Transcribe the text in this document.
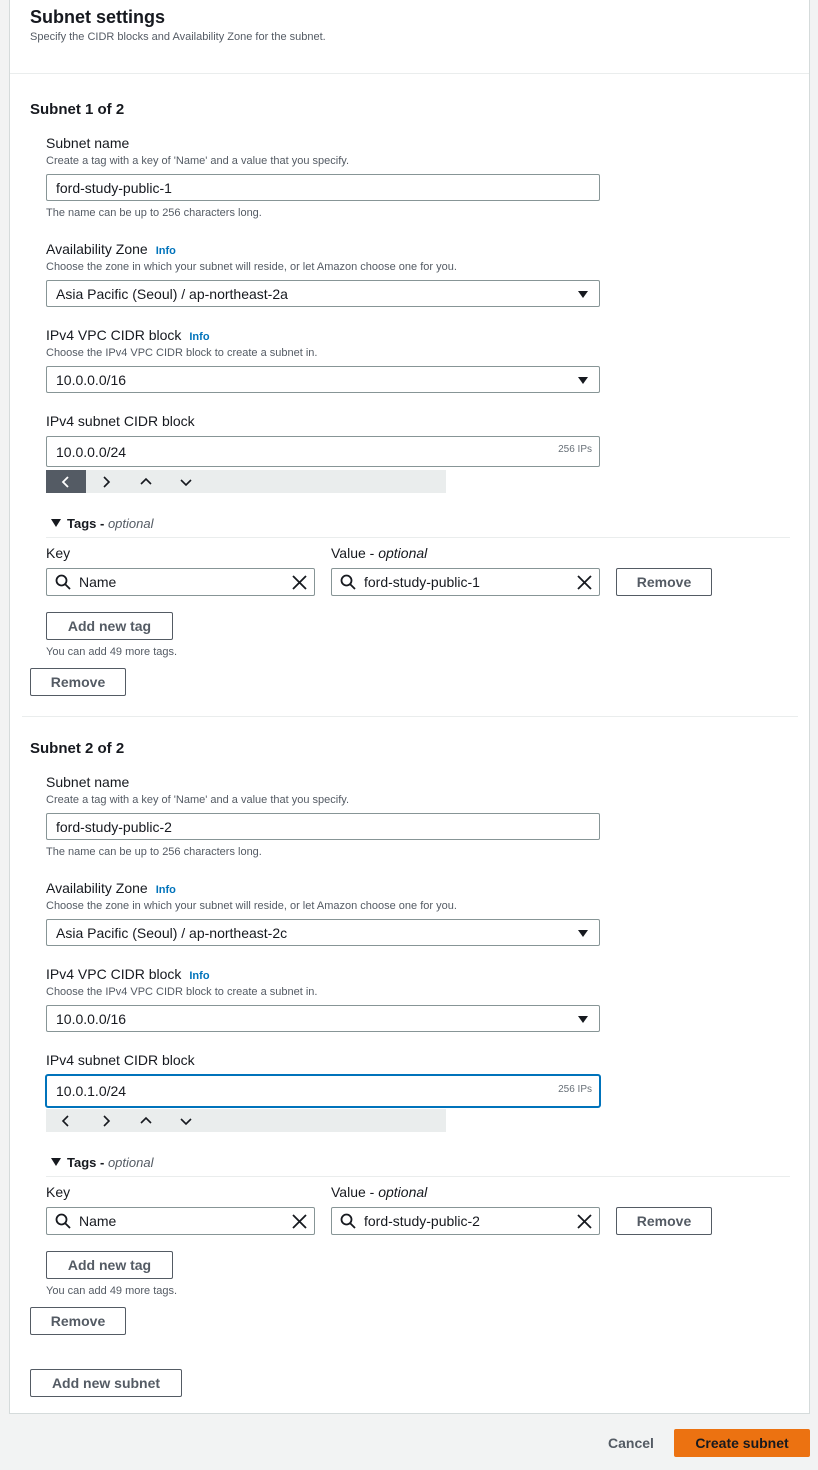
Subnet settings
Specify the CIDR blocks and Availability Zone for the subnet.
Subnet 1 of 2
Subnet name
Create a tag with a key of 'Name' and a value that you specify.
ford-study-public-1
The name can be up to 256 characters long.
Availability Zone Info
Choose the zone in which your subnet will reside, or let Amazon choose one for you.
Asia Pacific (Seoul) / ap-northeast-2a
IPv4 VPC CIDR block Info
Choose the IPv4 VPC CIDR block to create a subnet in.
10.0.0.0/16
IPv4 subnet CIDR block
10.0.0.0/24	256 IPs
Tags - optional
Key	Value - optional
Name	ford-study-public-1	Remove
Add new tag
You can add 49 more tags.
Remove
Subnet 2 of 2
Subnet name
Create a tag with a key of 'Name' and a value that you specify.
ford-study-public-2
The name can be up to 256 characters long.
Availability Zone Info
Choose the zone in which your subnet will reside, or let Amazon choose one for you.
Asia Pacific (Seoul) / ap-northeast-2c
IPv4 VPC CIDR block Info
Choose the IPv4 VPC CIDR block to create a subnet in.
10.0.0.0/16
IPv4 subnet CIDR block
10.0.1.0/24	256 IPs
Tags - optional
Key	Value - optional
Name	ford-study-public-2	Remove
Add new tag
You can add 49 more tags.
Remove
Add new subnet
Cancel	Create subnet
